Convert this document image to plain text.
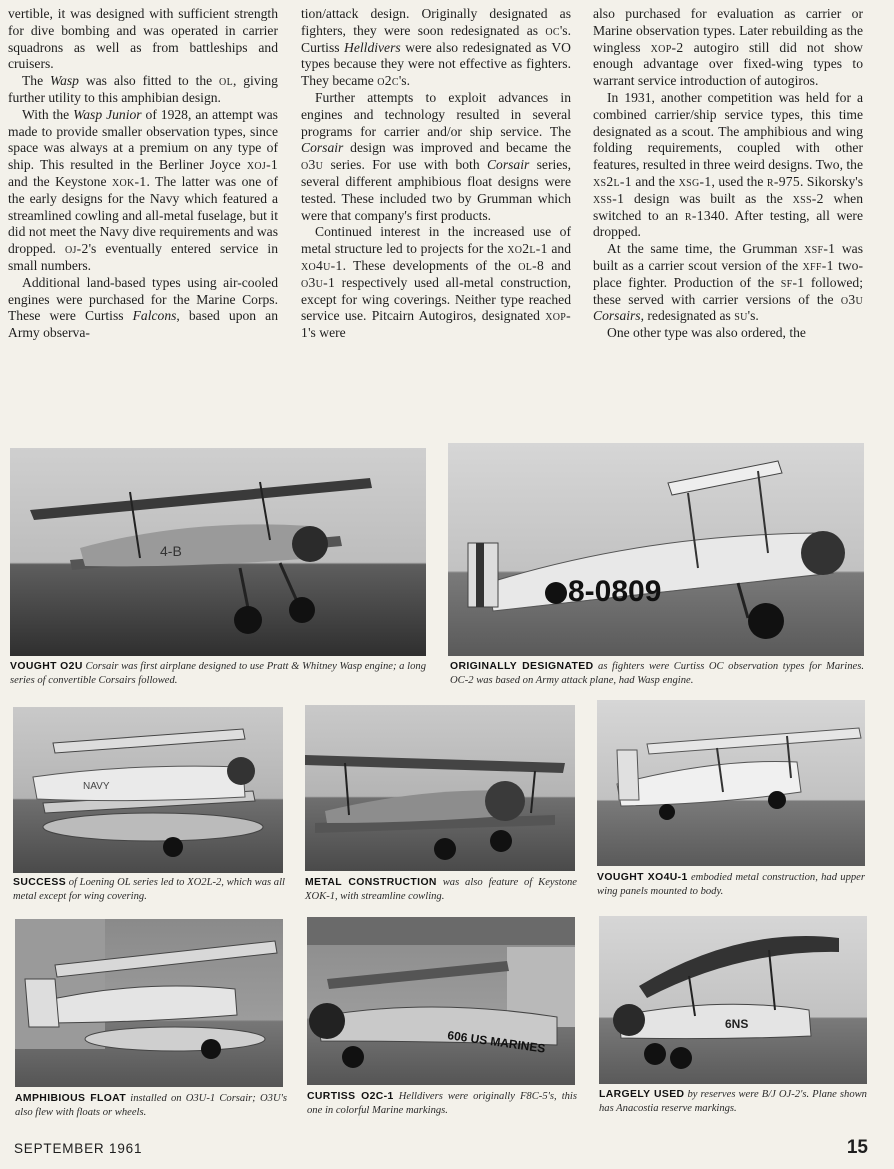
vertible, it was designed with sufficient strength for dive bombing and was operated in carrier squadrons as well as from battleships and cruisers.

The Wasp was also fitted to the ol, giving further utility to this amphibian design.

With the Wasp Junior of 1928, an attempt was made to provide smaller observation types, since space was always at a premium on any type of ship. This resulted in the Berliner Joyce xoj-1 and the Keystone xok-1. The latter was one of the early designs for the Navy which featured a streamlined cowling and all-metal fuselage, but it did not meet the Navy dive requirements and was dropped. oj-2's eventually entered service in small numbers.

Additional land-based types using air-cooled engines were purchased for the Marine Corps. These were Curtiss Falcons, based upon an Army observa-

tion/attack design. Originally designated as fighters, they were soon redesignated as oc's. Curtiss Helldivers were also redesignated as VO types because they were not effective as fighters. They became o2c's.

Further attempts to exploit advances in engines and technology resulted in several programs for carrier and/or ship service. The Corsair design was improved and became the o3u series. For use with both Corsair series, several different amphibious float designs were tested. These included two by Grumman which were that company's first products.

Continued interest in the increased use of metal structure led to projects for the xo2l-1 and xo4u-1. These developments of the ol-8 and o3u-1 respectively used all-metal construction, except for wing coverings. Neither type reached service use. Pitcairn Autogiros, designated xop-1's were

also purchased for evaluation as carrier or Marine observation types. Later rebuilding as the wingless xop-2 autogiro still did not show enough advantage over fixed-wing types to warrant service introduction of autogiros.

In 1931, another competition was held for a combined carrier/ship service types, this time designated as a scout. The amphibious and wing folding requirements, coupled with other features, resulted in three weird designs. Two, the xs2l-1 and the xsg-1, used the r-975. Sikorsky's xss-1 design was built as the xss-2 when switched to an r-1340. After testing, all were dropped.

At the same time, the Grumman xsf-1 was built as a carrier scout version of the xff-1 two-place fighter. Production of the sf-1 followed; these served with carrier versions of the o3u Corsairs, redesignated as su's.

One other type was also ordered, the

4-B
VOUGHT O2U Corsair was first airplane designed to use Pratt & Whitney Wasp engine; a long series of convertible Corsairs followed.
8-0809
ORIGINALLY DESIGNATED as fighters were Curtiss OC observation types for Marines. OC-2 was based on Army attack plane, had Wasp engine.
NAVY
SUCCESS of Loening OL series led to XO2L-2, which was all metal except for wing covering.
METAL CONSTRUCTION was also feature of Keystone XOK-1, with streamline cowling.
VOUGHT XO4U-1 embodied metal construction, had upper wing panels mounted to body.
AMPHIBIOUS FLOAT installed on O3U-1 Corsair; O3U's also flew with floats or wheels.
606 US MARINES
CURTISS O2C-1 Helldivers were originally F8C-5's, this one in colorful Marine markings.
6NS
LARGELY USED by reserves were B/J OJ-2's. Plane shown has Anacostia reserve markings.
SEPTEMBER 1961	15
